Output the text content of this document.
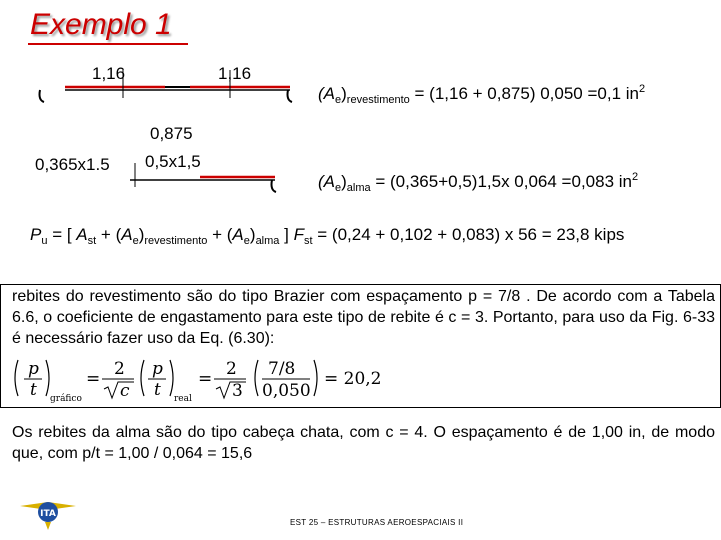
Exemplo 1
1,16	1,16
0,875
$(A_e)_{revestimento} = (1,16 + 0,875)$ 0,050 =0,1 $in^2$
0,365x1.5 0,5x1,5
$(A_e)_{alma} = (0,365+0,5)1,5x$ 0,064 =0,083 $in^2$
$P_u$ = [ $A_{st} + (A_e)_{revestimento} + (A_e)_{alma}$ ] $F_{st} = (0,24 + 0,102 + 0,083)$ x 56 = 23,8 kips
rebites do revestimento são do tipo Brazier com espaçamento p = 7/8 . De acordo com a Tabela 6.6, o coeficiente de engastamento para este tipo de rebite é c = 3. Portanto, para uso da Fig. 6-33 é necessário fazer uso da Eq. (6.30):
p
t gráfico
= 2
c
p
t real
= 2
3
7/8
0,050
= 20,2
Os rebites da alma são do tipo cabeça chata, com c = 4. O espaçamento é de 1,00 in, de modo que, com p/t = 1,00 / 0,064 = 15,6
ITA
EST 25 – ESTRUTURAS AEROESPACIAIS II
